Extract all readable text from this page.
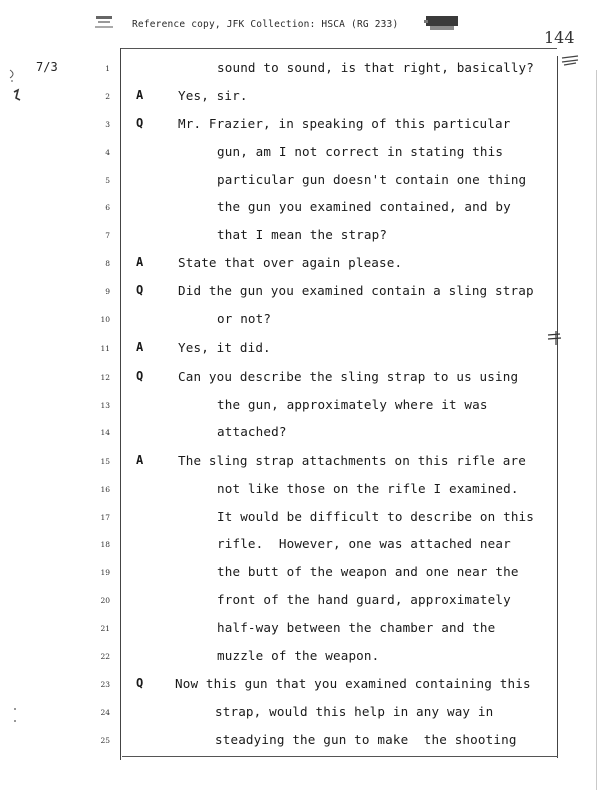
Reference copy, JFK Collection: HSCA (RG 233)
144
7/3	1	sound to sound, is that right, basically?
2 A	Yes, sir.
3 Q	Mr. Frazier, in speaking of this particular
4	gun, am I not correct in stating this
5	particular gun doesn't contain one thing
6	the gun you examined contained, and by
7	that I mean the strap?
8 A	State that over again please.
9 Q	Did the gun you examined contain a sling strap
10	or not?
11 A	Yes, it did.
12 Q	Can you describe the sling strap to us using
13	the gun, approximately where it was
14	attached?
15 A	The sling strap attachments on this rifle are
16	not like those on the rifle I examined.
17	It would be difficult to describe on this
18	rifle.  However, one was attached near
19	the butt of the weapon and one near the
20	front of the hand guard, approximately
21	half-way between the chamber and the
22	muzzle of the weapon.
23 Q	Now this gun that you examined containing this
24	strap, would this help in any way in
25	steadying the gun to make  the shooting
